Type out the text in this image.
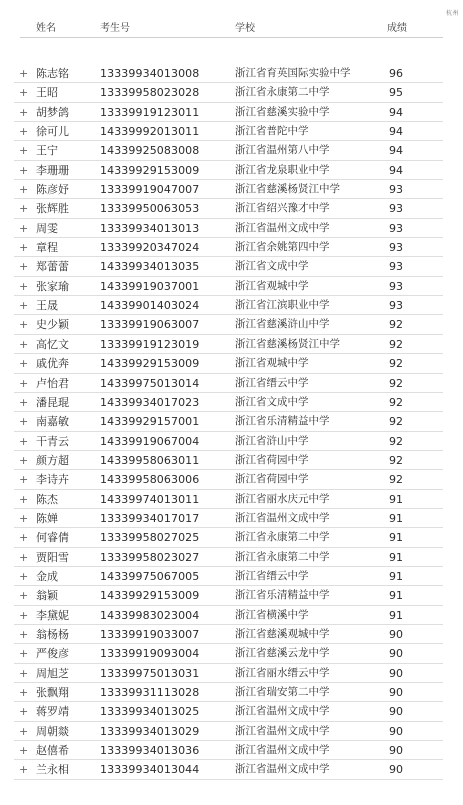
杭州
姓名	考生号	学校	成绩
+ 陈志铭	13339934013008	浙江省育英国际实验中学	96
+ 王昭	13339958023028	浙江省永康第二中学	95
+ 胡梦鸽	13339919123011	浙江省慈溪实验中学	94
+ 徐可儿	14339992013011	浙江省普陀中学	94
+ 王宁	14339925083008	浙江省温州第八中学	94
+ 李珊珊	14339929153009	浙江省龙泉职业中学	94
+ 陈彦妤	13339919047007	浙江省慈溪杨贤江中学	93
+ 张辉胜	13339950063053	浙江省绍兴豫才中学	93
+ 周雯	13339934013013	浙江省温州文成中学	93
+ 章程	13339920347024	浙江省余姚第四中学	93
+ 郑蕾蕾	14339934013035	浙江省文成中学	93
+ 张家瑜	14339919037001	浙江省观城中学	93
+ 王晟	14339901403024	浙江省江滨职业中学	93
+ 史少颖	13339919063007	浙江省慈溪浒山中学	92
+ 高忆文	13339919123019	浙江省慈溪杨贤江中学	92
+ 戚优奔	14339929153009	浙江省观城中学	92
+ 卢怡君	14339975013014	浙江省缙云中学	92
+ 潘昆琨	14339934017023	浙江省文成中学	92
+ 南嘉敏	14339929157001	浙江省乐清精益中学	92
+ 干青云	14339919067004	浙江省浒山中学	92
+ 颜方超	14339958063011	浙江省荷园中学	92
+ 李诗卉	14339958063006	浙江省荷园中学	92
+ 陈杰	14339974013011	浙江省丽水庆元中学	91
+ 陈婵	13339934017017	浙江省温州文成中学	91
+ 何睿倩	13339958027025	浙江省永康第二中学	91
+ 贾阳雪	13339958023027	浙江省永康第二中学	91
+ 金成	14339975067005	浙江省缙云中学	91
+ 翁颖	14339929153009	浙江省乐清精益中学	91
+ 李黛妮	14339983023004	浙江省横溪中学	91
+ 翁杨杨	13339919033007	浙江省慈溪观城中学	90
+ 严俊彦	13339919093004	浙江省慈溪云龙中学	90
+ 周旭芝	13339975013031	浙江省丽水缙云中学	90
+ 张飘翔	13339931113028	浙江省瑞安第二中学	90
+ 蒋罗靖	13339934013025	浙江省温州文成中学	90
+ 周朝燚	13339934013029	浙江省温州文成中学	90
+ 赵僖希	13339934013036	浙江省温州文成中学	90
+ 兰永相	13339934013044	浙江省温州文成中学	90
